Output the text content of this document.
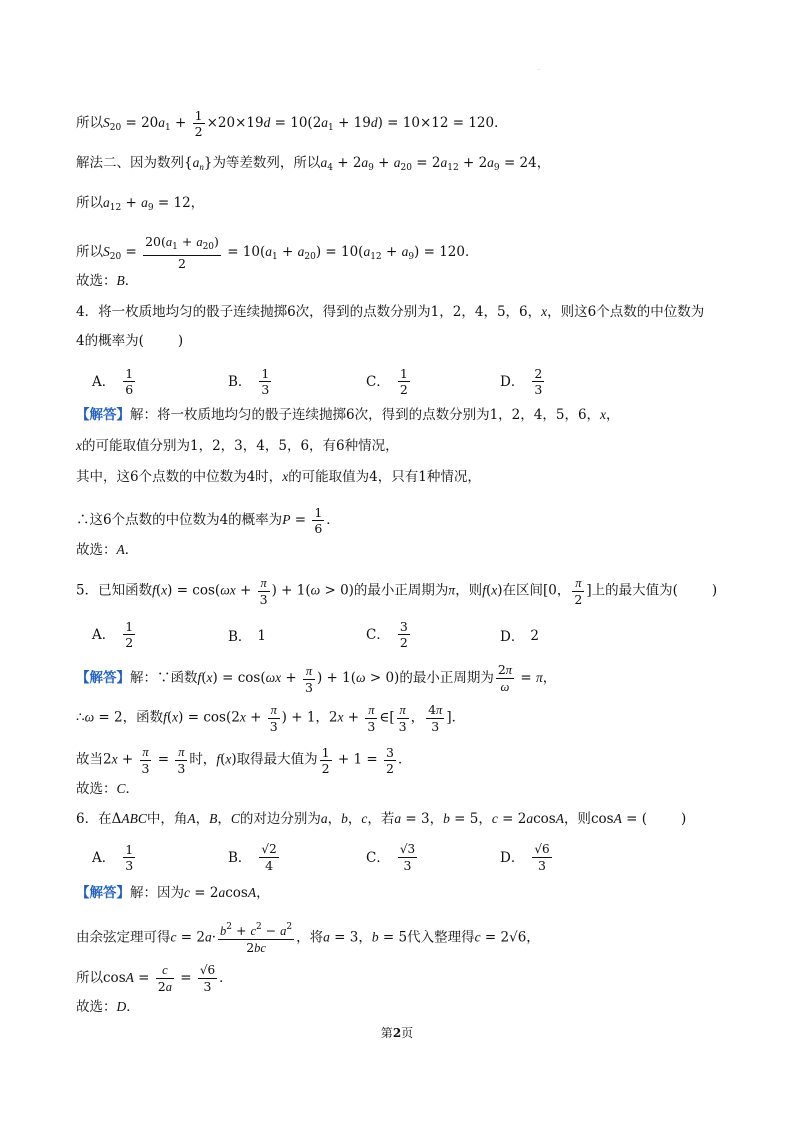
·
所以$S_{20} = 20a_1 + \frac{1}{2} \times 20\times 19d = 10(2a_1 + 19d) = 10\times 12 = 120$．
解法二、因为数列$\{a_n\}$为等差数列，所以$a_4 + 2a_9 + a_{20} = 2a_{12} + 2a_9 = 24$，
所以$a_{12} + a_9 = 12$，
所以$S_{20} = \frac{20(a_1 + a_{20})}{2} = 10(a_1 + a_{20}) = 10(a_{12} + a_9) = 120$．
故选：B．
4．将一枚质地均匀的骰子连续抛掷6次，得到的点数分别为1，2，4，5，6，x，则这6个点数的中位数为
4的概率为(	)
A． $\frac{1}{6}$	B． $\frac{1}{3}$	C． $\frac{1}{2}$	D． $\frac{2}{3}$
【解答】解：将一枚质地均匀的骰子连续抛掷6次，得到的点数分别为1，2，4，5，6，x，
x的可能取值分别为1，2，3，4，5，6，有6种情况，
其中，这6个点数的中位数为4时，x的可能取值为4，只有1种情况，
∴这6个点数的中位数为4的概率为$P = \frac{1}{6}$ ．
故选：A．
5．已知函数$f(x) = \cos(\omega x + \frac{\pi}{3}$ ) + 1(ω > 0)的最小正周期为π，则f(x)在区间[0， $\frac{\pi}{2}$ ]上的最大值为(	)
A． $\frac{1}{2}$	B． 1	C． $\frac{3}{2}$	D． 2
【解答】解：∵函数$f(x) = \cos(\omega x + \frac{\pi}{3}$ ) + 1(ω > 0)的最小正周期为 $\frac{2\pi}{\omega} = \pi$，
∴ω = 2，函数$f(x) = \cos(2x + \frac{\pi}{3}$ ) + 1，$2x + \frac{\pi}{3}$ ∈[ $\frac{\pi}{3}$ ， $\frac{4\pi}{3}$ ]．
故当$2x + \frac{\pi}{3} = \frac{\pi}{3}$ 时，f(x)取得最大值为 $\frac{1}{2} + 1 = \frac{3}{2}$ ．
故选：C．
6．在ΔABC中，角A，B，C的对边分别为a，b，c，若a = 3，b = 5，c = 2acosA，则cosA = (	)
A． $\frac{1}{3}$	B． $\frac{√2}{4}$	C． $\frac{√3}{3}$	D． $\frac{√6}{3}$
【解答】解：因为c = 2acosA，
由余弦定理可得$c = 2a\cdot \frac{b^2 + c^2 - a^2}{2bc}$ ，将a = 3，b = 5代入整理得c = 2√6，
所以$\cos A = \frac{c}{2a} = \frac{√6}{3}$ ．
故选：D．
第2页
